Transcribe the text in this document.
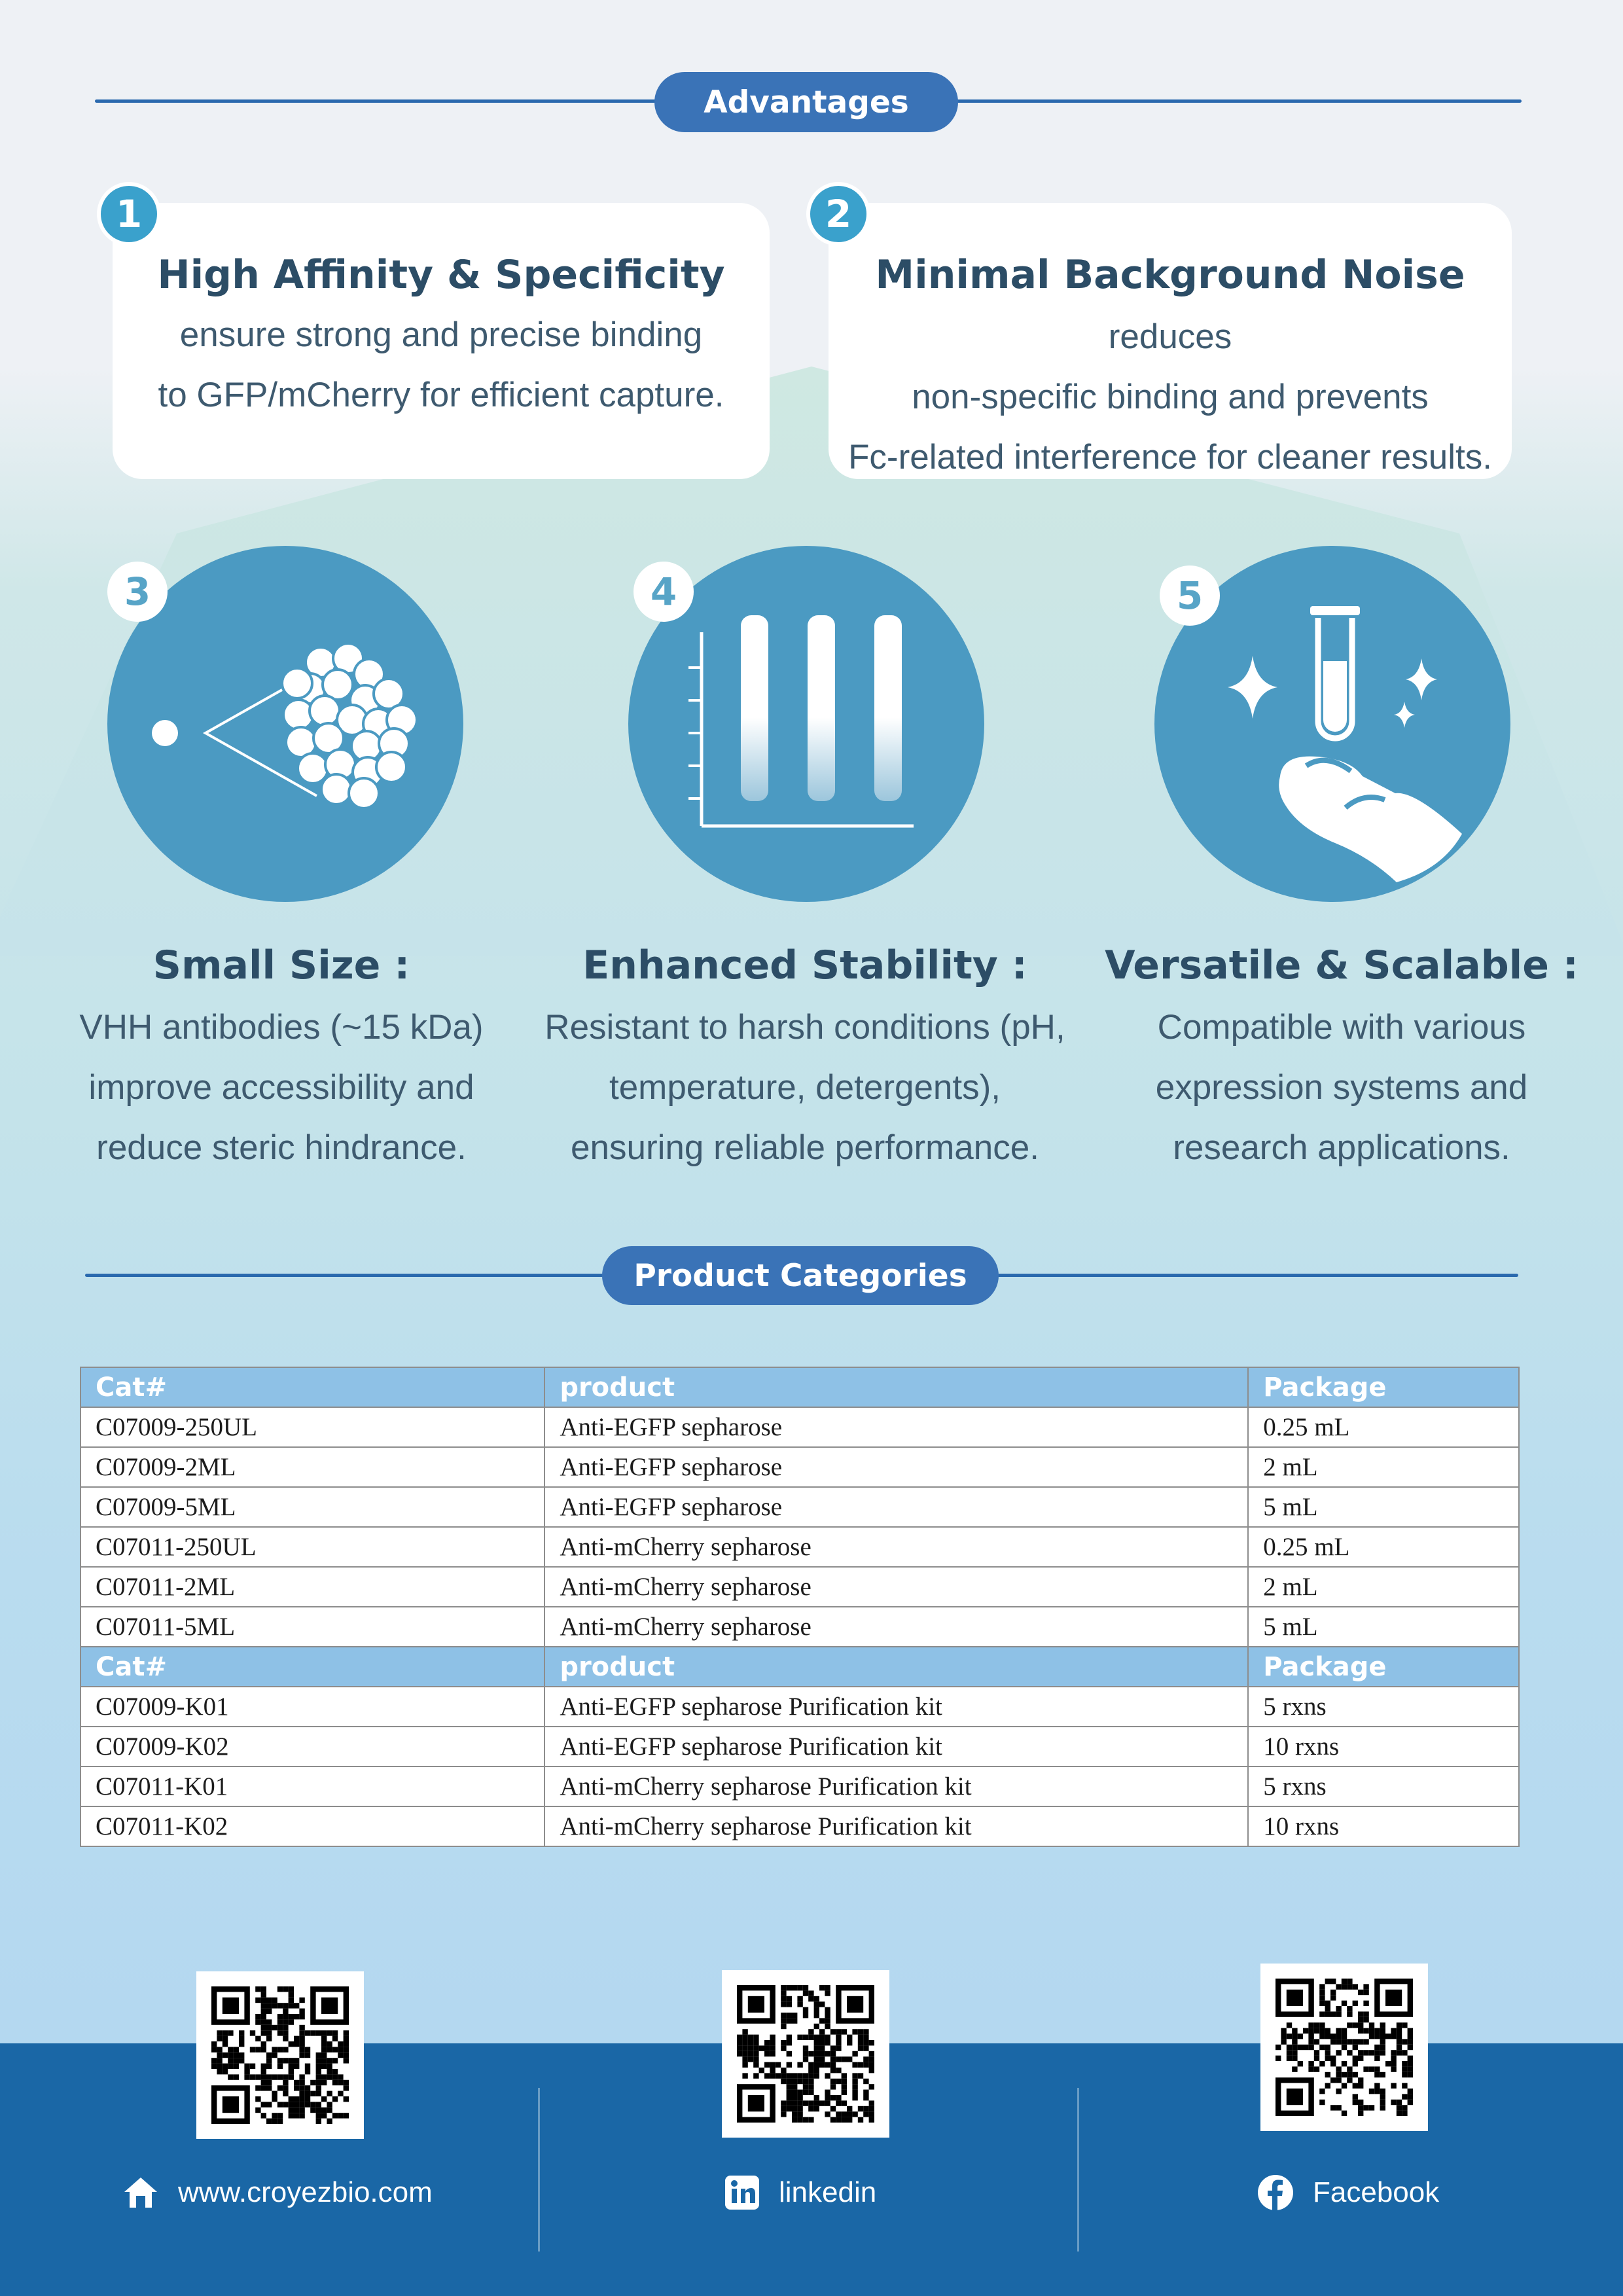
Advantages
High Affinity & Specificity
ensure strong and precise binding
to GFP/mCherry for efficient capture.
1
Minimal Background Noise reduces
non-specific binding and prevents
Fc-related interference for cleaner results.
2
3	4	5
Small Size :
VHH antibodies (~15 kDa)
improve accessibility and
reduce steric hindrance.
Enhanced Stability :
Resistant to harsh conditions (pH,
temperature, detergents),
ensuring reliable performance.
Versatile & Scalable :
Compatible with various
expression systems and
research applications.
Product Categories
Cat#	product	Package
C07009-250UL	Anti-EGFP sepharose	0.25 mL
C07009-2ML	Anti-EGFP sepharose	2 mL
C07009-5ML	Anti-EGFP sepharose	5 mL
C07011-250UL	Anti-mCherry sepharose	0.25 mL
C07011-2ML	Anti-mCherry sepharose	2 mL
C07011-5ML	Anti-mCherry sepharose	5 mL
Cat#	product	Package
C07009-K01	Anti-EGFP sepharose Purification kit	5 rxns
C07009-K02	Anti-EGFP sepharose Purification kit	10 rxns
C07011-K01	Anti-mCherry sepharose Purification kit	5 rxns
C07011-K02	Anti-mCherry sepharose Purification kit	10 rxns
www.croyezbio.com	linkedin	Facebook
